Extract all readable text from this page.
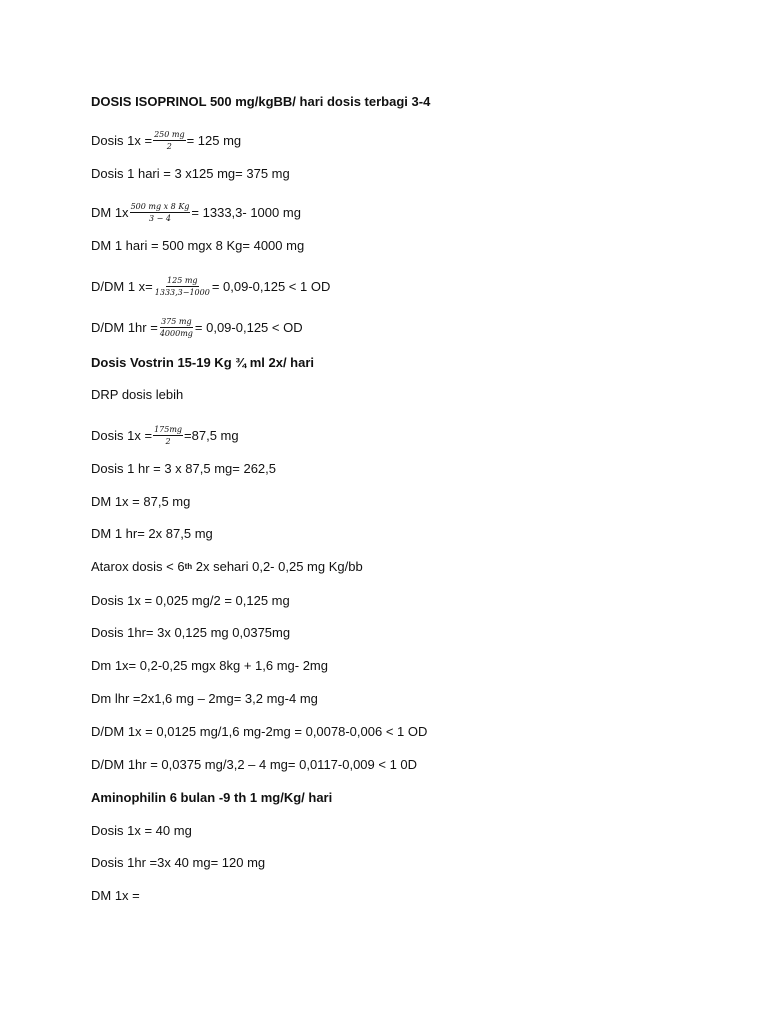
DOSIS ISOPRINOL 500 mg/kgBB/ hari dosis terbagi 3-4
Dosis $1x = \frac{250 mg}{2} = 125$ mg
Dosis 1 hari = 3 x125 mg= 375 mg
DM $1x \frac{\text{500 mg x 8 Kg}}{3 - 4} = 1333,3-$ 1000 mg
DM 1 hari = 500 mgx 8 Kg= 4000 mg
D/DM 1 $x= \frac{125 mg}{1333,3-1000} = 0,09-0,125 < 1$ OD
D/DM $1hr = \frac{375 mg}{4000mg} = 0,09-0,125$ < OD
Dosis Vostrin 15-19 Kg ¾ ml 2x/ hari
DRP dosis lebih
Dosis $1x = \frac{175mg}{2} =87,5$ mg
Dosis 1 hr = 3 x 87,5 mg= 262,5
DM 1x = 87,5 mg
DM 1 hr= 2x 87,5 mg
Atarox dosis < 6 th 2x sehari 0,2- 0,25 mg Kg/bb
Dosis 1x = 0,025 mg/2 = 0,125 mg
Dosis 1hr= 3x 0,125 mg 0,0375mg
Dm 1x= 0,2-0,25 mgx 8kg + 1,6 mg- 2mg
Dm lhr =2x1,6 mg – 2mg= 3,2 mg-4 mg
D/DM 1x = 0,0125 mg/1,6 mg-2mg = 0,0078-0,006 < 1 OD
D/DM 1hr = 0,0375 mg/3,2 – 4 mg= 0,0117-0,009 < 1 0D
Aminophilin 6 bulan -9 th 1 mg/Kg/ hari
Dosis 1x = 40 mg
Dosis 1hr =3x 40 mg= 120 mg
DM 1x =
